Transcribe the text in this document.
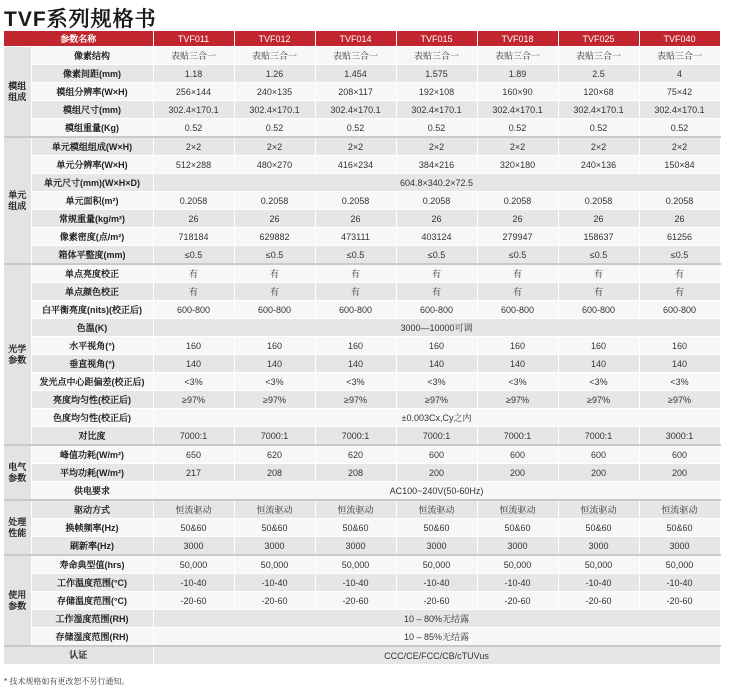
TVF系列规格书
参数名称		TVF011	TVF012	TVF014	TVF015	TVF018	TVF025	TVF040
模组
组成	像素结构	表贴三合一	表贴三合一	表贴三合一	表贴三合一	表贴三合一	表贴三合一	表贴三合一
	像素间距(mm)	1.18	1.26	1.454	1.575	1.89	2.5	4
	模组分辨率(W×H)	256×144	240×135	208×117	192×108	160×90	120×68	75×42
	模组尺寸(mm)	302.4×170.1	302.4×170.1	302.4×170.1	302.4×170.1	302.4×170.1	302.4×170.1	302.4×170.1
	模组重量(Kg)	0.52	0.52	0.52	0.52	0.52	0.52	0.52
单元
组成	单元模组组成(W×H)	2×2	2×2	2×2	2×2	2×2	2×2	2×2
	单元分辨率(W×H)	512×288	480×270	416×234	384×216	320×180	240×136	150×84
	单元尺寸(mm)(W×H×D)	604.8×340.2×72.5						
	单元面积(m²)	0.2058	0.2058	0.2058	0.2058	0.2058	0.2058	0.2058
	常规重量(kg/m²)	26	26	26	26	26	26	26
	像素密度(点/m²)	718184	629882	473111	403124	279947	158637	61256
	箱体平整度(mm)	≤0.5	≤0.5	≤0.5	≤0.5	≤0.5	≤0.5	≤0.5
光学
参数	单点亮度校正	有	有	有	有	有	有	有
	单点颜色校正	有	有	有	有	有	有	有
	白平衡亮度(nits)(校正后)	600-800	600-800	600-800	600-800	600-800	600-800	600-800
	色温(K)	3000—10000可调						
	水平视角(°)	160	160	160	160	160	160	160
	垂直视角(°)	140	140	140	140	140	140	140
	发光点中心距偏差(校正后)	<3%	<3%	<3%	<3%	<3%	<3%	<3%
	亮度均匀性(校正后)	≥97%	≥97%	≥97%	≥97%	≥97%	≥97%	≥97%
	色度均匀性(校正后)	±0.003Cx,Cy之内						
	对比度	7000:1	7000:1	7000:1	7000:1	7000:1	7000:1	3000:1
电气
参数	峰值功耗(W/m²)	650	620	620	600	600	600	600
	平均功耗(W/m²)	217	208	208	200	200	200	200
	供电要求	AC100~240V(50-60Hz)						
处理
性能	驱动方式	恒流驱动	恒流驱动	恒流驱动	恒流驱动	恒流驱动	恒流驱动	恒流驱动
	换帧频率(Hz)	50&60	50&60	50&60	50&60	50&60	50&60	50&60
	刷新率(Hz)	3000	3000	3000	3000	3000	3000	3000
使用
参数	寿命典型值(hrs)	50,000	50,000	50,000	50,000	50,000	50,000	50,000
	工作温度范围(°C)	-10-40	-10-40	-10-40	-10-40	-10-40	-10-40	-10-40
	存储温度范围(°C)	-20-60	-20-60	-20-60	-20-60	-20-60	-20-60	-20-60
	工作湿度范围(RH)	10 – 80%无结露						
	存储湿度范围(RH)	10 – 85%无结露						
认证		CCC/CE/FCC/CB/cTUVus						
* 技术规格如有更改恕不另行通知。
